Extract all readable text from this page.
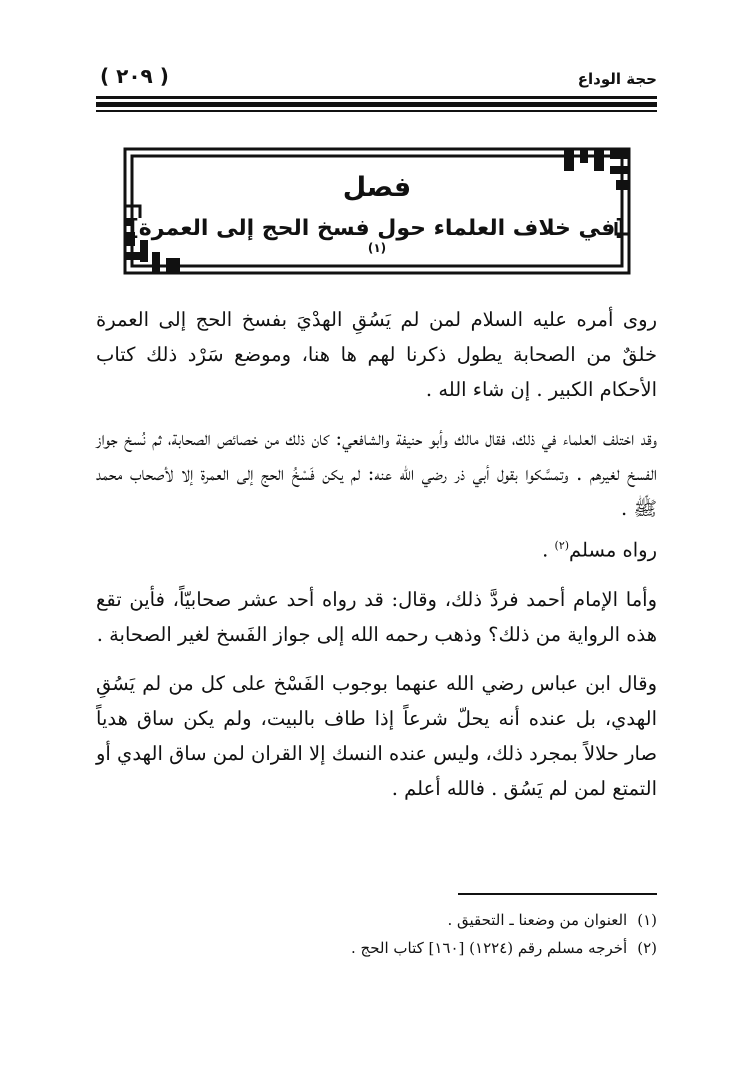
حجة الوداع
( ٢٠٩ )
فصل
[في خلاف العلماء حول فسخ الحج إلى العمرة]$^{(١)}$

روى أمره عليه السلام لمن لم يَسُقِ الهدْيَ بفسخ الحج إلى العمرة خلقٌ من الصحابة يطول ذكرنا لهم ها هنا، وموضع سَرْد ذلك كتاب الأحكام الكبير . إن شاء الله .

وقد اختلف العلماء في ذلك، فقال مالك وأبو حنيفة والشافعي: كان ذلك من خصائص الصحابة، ثم نُسخ جواز الفسخ لغيرهم . وتمسَّكوا بقول أبي ذر رضي الله عنه: لم يكن فَسْخُ الحج إلى العمرة إلا لأصحاب محمد ﷺ .

رواه مسلم$^{(٢)}$ .

وأما الإمام أحمد فردَّ ذلك، وقال: قد رواه أحد عشر صحابيّاً، فأين تقع هذه الرواية من ذلك؟ وذهب رحمه الله إلى جواز الفَسخ لغير الصحابة .

وقال ابن عباس رضي الله عنهما بوجوب الفَسْخ على كل من لم يَسُقِ الهدي، بل عنده أنه يحلّ شرعاً إذا طاف بالبيت، ولم يكن ساق هدياً صار حلالاً بمجرد ذلك، وليس عنده النسك إلا القران لمن ساق الهدي أو التمتع لمن لم يَسُق . فالله أعلم .

(١)العنوان من وضعنا ـ التحقيق .
(٢)أخرجه مسلم رقم (١٢٢٤) [١٦٠] كتاب الحج .
